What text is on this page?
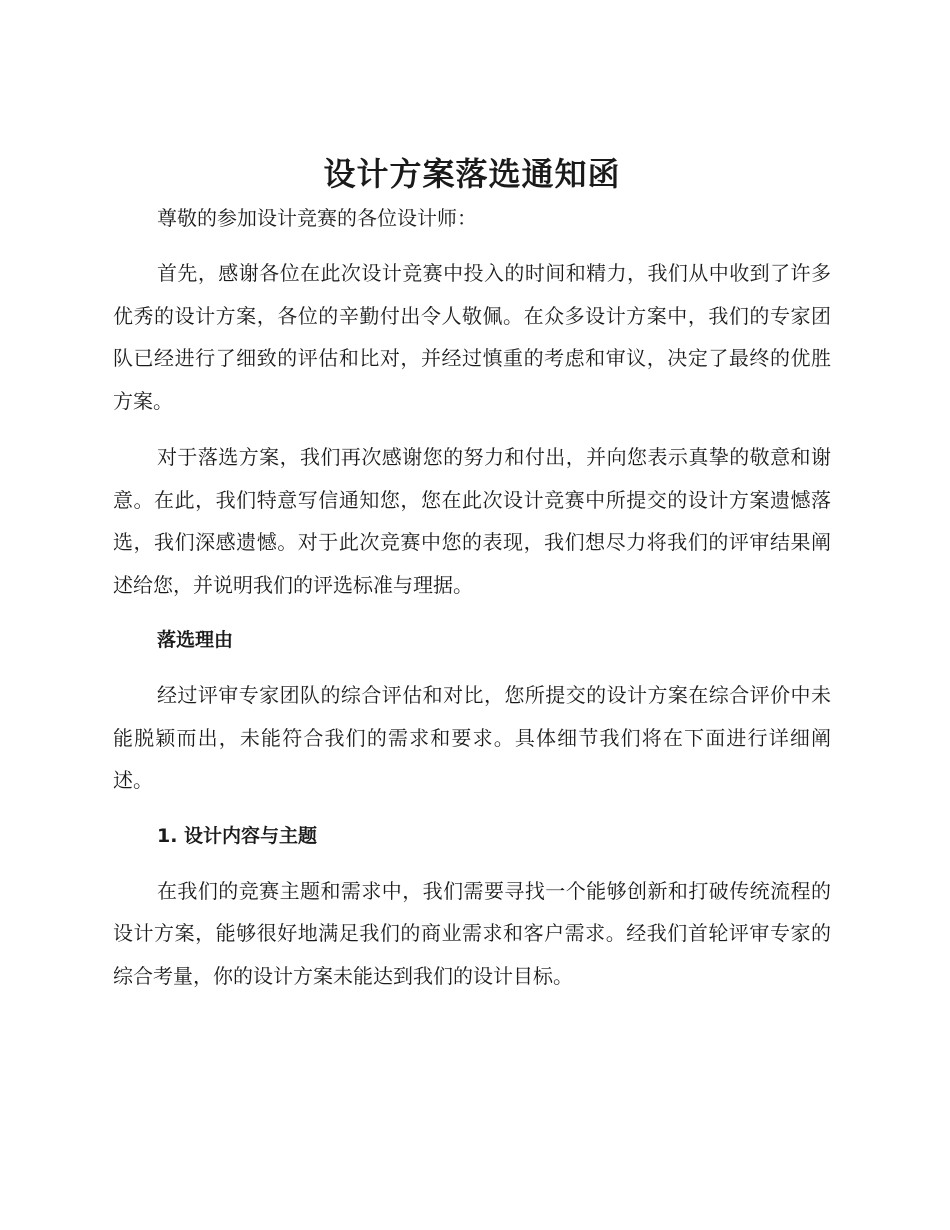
设计方案落选通知函

尊敬的参加设计竞赛的各位设计师：

首先，感谢各位在此次设计竞赛中投入的时间和精力，我们从中收到了许多优秀的设计方案，各位的辛勤付出令人敬佩。在众多设计方案中，我们的专家团队已经进行了细致的评估和比对，并经过慎重的考虑和审议，决定了最终的优胜方案。

对于落选方案，我们再次感谢您的努力和付出，并向您表示真挚的敬意和谢意。在此，我们特意写信通知您，您在此次设计竞赛中所提交的设计方案遗憾落选，我们深感遗憾。对于此次竞赛中您的表现，我们想尽力将我们的评审结果阐述给您，并说明我们的评选标准与理据。

落选理由

经过评审专家团队的综合评估和对比，您所提交的设计方案在综合评价中未能脱颖而出，未能符合我们的需求和要求。具体细节我们将在下面进行详细阐述。

1. 设计内容与主题

在我们的竞赛主题和需求中，我们需要寻找一个能够创新和打破传统流程的设计方案，能够很好地满足我们的商业需求和客户需求。经我们首轮评审专家的综合考量，你的设计方案未能达到我们的设计目标。
